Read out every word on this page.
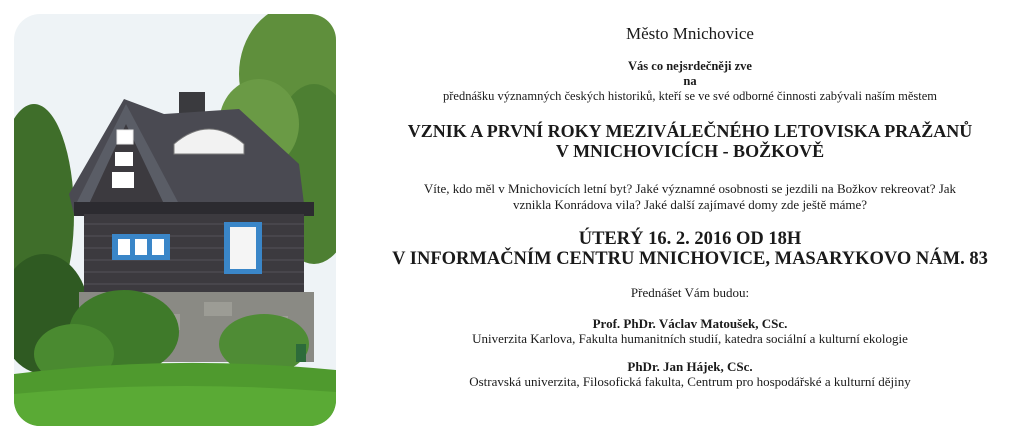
Město Mnichovice
Vás co nejsrdečněji zve
na
přednášku významných českých historiků, kteří se ve své odborné činnosti zabývali naším městem
VZNIK A PRVNÍ ROKY MEZIVÁLEČNÉHO LETOVISKA PRAŽANŮ
V MNICHOVICÍCH - BOŽKOVĚ
Víte, kdo měl v Mnichovicích letní byt? Jaké významné osobnosti se jezdili na Božkov rekreovat? Jak
vznikla Konrádova vila? Jaké další zajímavé domy zde ještě máme?
ÚTERÝ 16. 2. 2016 OD 18H
V INFORMAČNÍM CENTRU MNICHOVICE, MASARYKOVO NÁM. 83
Přednášet Vám budou:
Prof. PhDr. Václav Matoušek, CSc.
Univerzita Karlova, Fakulta humanitních studií, katedra sociální a kulturní ekologie
PhDr. Jan Hájek, CSc.
Ostravská univerzita, Filosofická fakulta, Centrum pro hospodářské a kulturní dějiny
